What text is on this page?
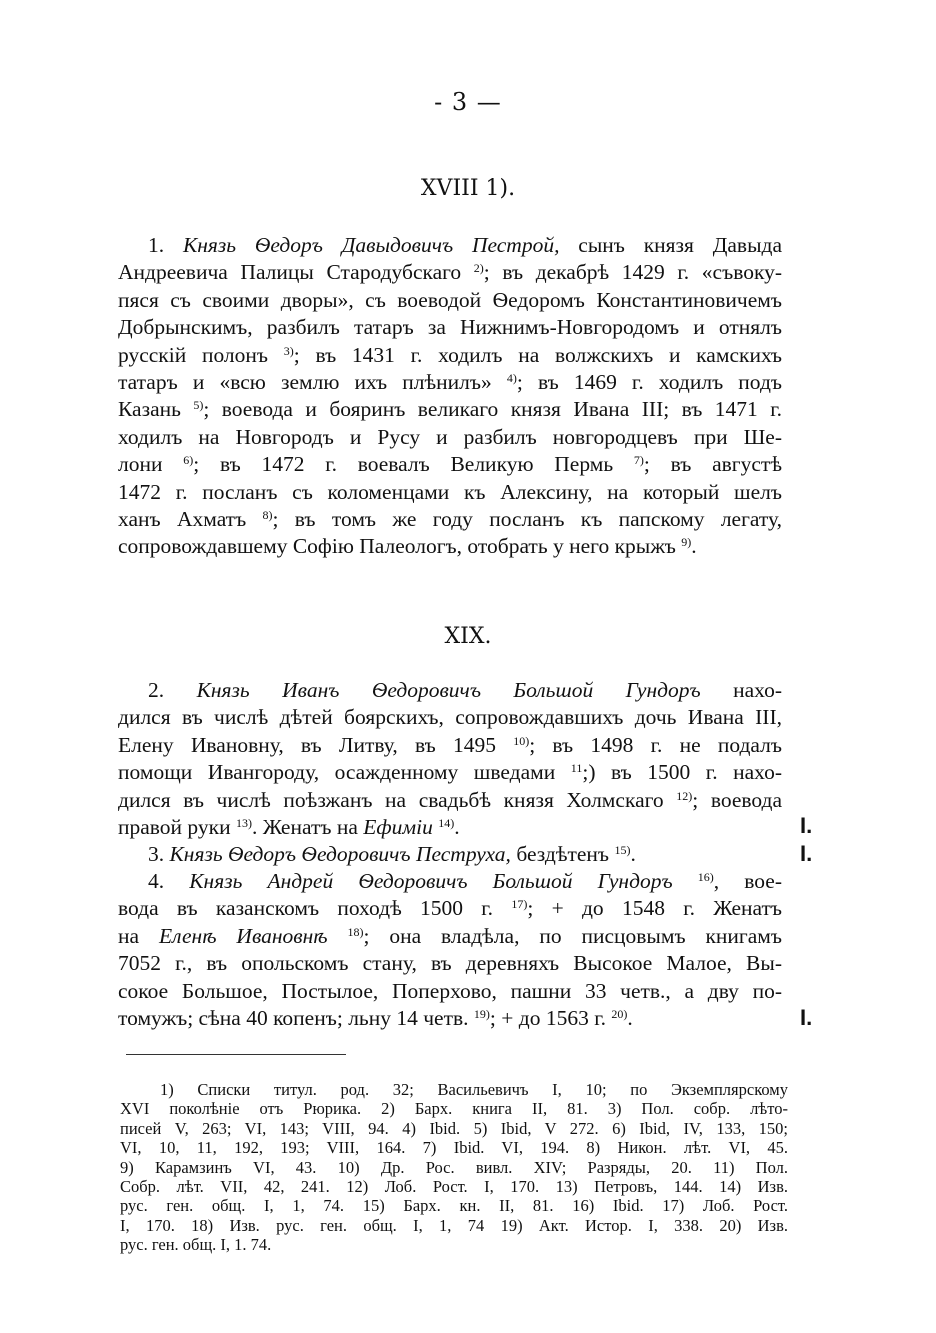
- 3 —
XVIII 1).
1. Князь Ѳедоръ Давыдовичъ Пестрой, сынъ князя Давыда
Андреевича Палицы Стародубскаго $^{2)}$; въ декабрѣ 1429 г. «съвоку-
пяся съ своими дворы», съ воеводой Ѳедоромъ Константиновичемъ
Добрынскимъ, разбилъ татаръ за Нижнимъ-Новгородомъ и отнялъ
русскій полонъ $^{3)}$; въ 1431 г. ходилъ на волжскихъ и камскихъ
татаръ и «всю землю ихъ плѣнилъ» $^{4)}$; въ 1469 г. ходилъ подъ
Казань $^{5)}$; воевода и бояринъ великаго князя Ивана III; въ 1471 г.
ходилъ на Новгородъ и Русу и разбилъ новгородцевъ при Ше-
лони $^{6)}$; въ 1472 г. воевалъ Великую Пермь $^{7)}$; въ августѣ
1472 г. посланъ съ коломенцами къ Алексину, на который шелъ
ханъ Ахматъ $^{8)}$; въ томъ же году посланъ къ папскому легату,
сопровождавшему Софію Палеологъ, отобрать у него крыжъ $^{9)}$.
XIX.
2. Князь Иванъ Ѳедоровичъ Большой Гундоръ нахо-
дился въ числѣ дѣтей боярскихъ, сопровождавшихъ дочь Ивана III,
Елену Ивановну, въ Литву, въ 1495 $^{10)}$; въ 1498 г. не подалъ
помощи Ивангороду, осажденному шведами $^{11}$;) въ 1500 г. нахо-
дился въ числѣ поѣзжанъ на свадьбѣ князя Холмскаго $^{12)}$; воевода
правой руки $^{13)}$. Женатъ на Ефиміи $^{14)}$.
3. Князь Ѳедоръ Ѳедоровичъ Пеструха, бездѣтенъ $^{15)}$.
4. Князь Андрей Ѳедоровичъ Большой Гундоръ $^{16)}$, вое-
вода въ казанскомъ походѣ 1500 г. $^{17)}$; + до 1548 г. Женатъ
на Еленѣ Ивановнѣ $^{18)}$; она владѣла, по писцовымъ книгамъ
7052 г., въ опольскомъ стану, въ деревняхъ Высокое Малое, Вы-
сокое Большое, Постылое, Поперхово, пашни 33 четв., а дву по-
томужъ; сѣна 40 копенъ; льну 14 четв. $^{19)}$; + до 1563 г. $^{20)}$.
I.
I.
I.
1) Списки титул. род. 32; Васильевичъ I, 10; по Экземплярскому
XVI поколѣніе отъ Рюрика. 2) Барх. книга II, 81. 3) Пол. собр. лѣто-
писей V, 263; VI, 143; VIII, 94. 4) Ibid. 5) Ibid, V 272. 6) Ibid, IV, 133, 150;
VI, 10, 11, 192, 193; VIII, 164. 7) Ibid. VI, 194. 8) Никон. лѣт. VI, 45.
9) Карамзинъ VI, 43. 10) Др. Рос. вивл. XIV; Разряды, 20. 11) Пол.
Собр. лѣт. VII, 42, 241. 12) Лоб. Рост. I, 170. 13) Петровъ, 144. 14) Изв.
рус. ген. общ. I, 1, 74. 15) Барх. кн. II, 81. 16) Ibid. 17) Лоб. Рост.
I, 170. 18) Изв. рус. ген. общ. I, 1, 74 19) Акт. Истор. I, 338. 20) Изв.
рус. ген. общ. I, 1. 74.
